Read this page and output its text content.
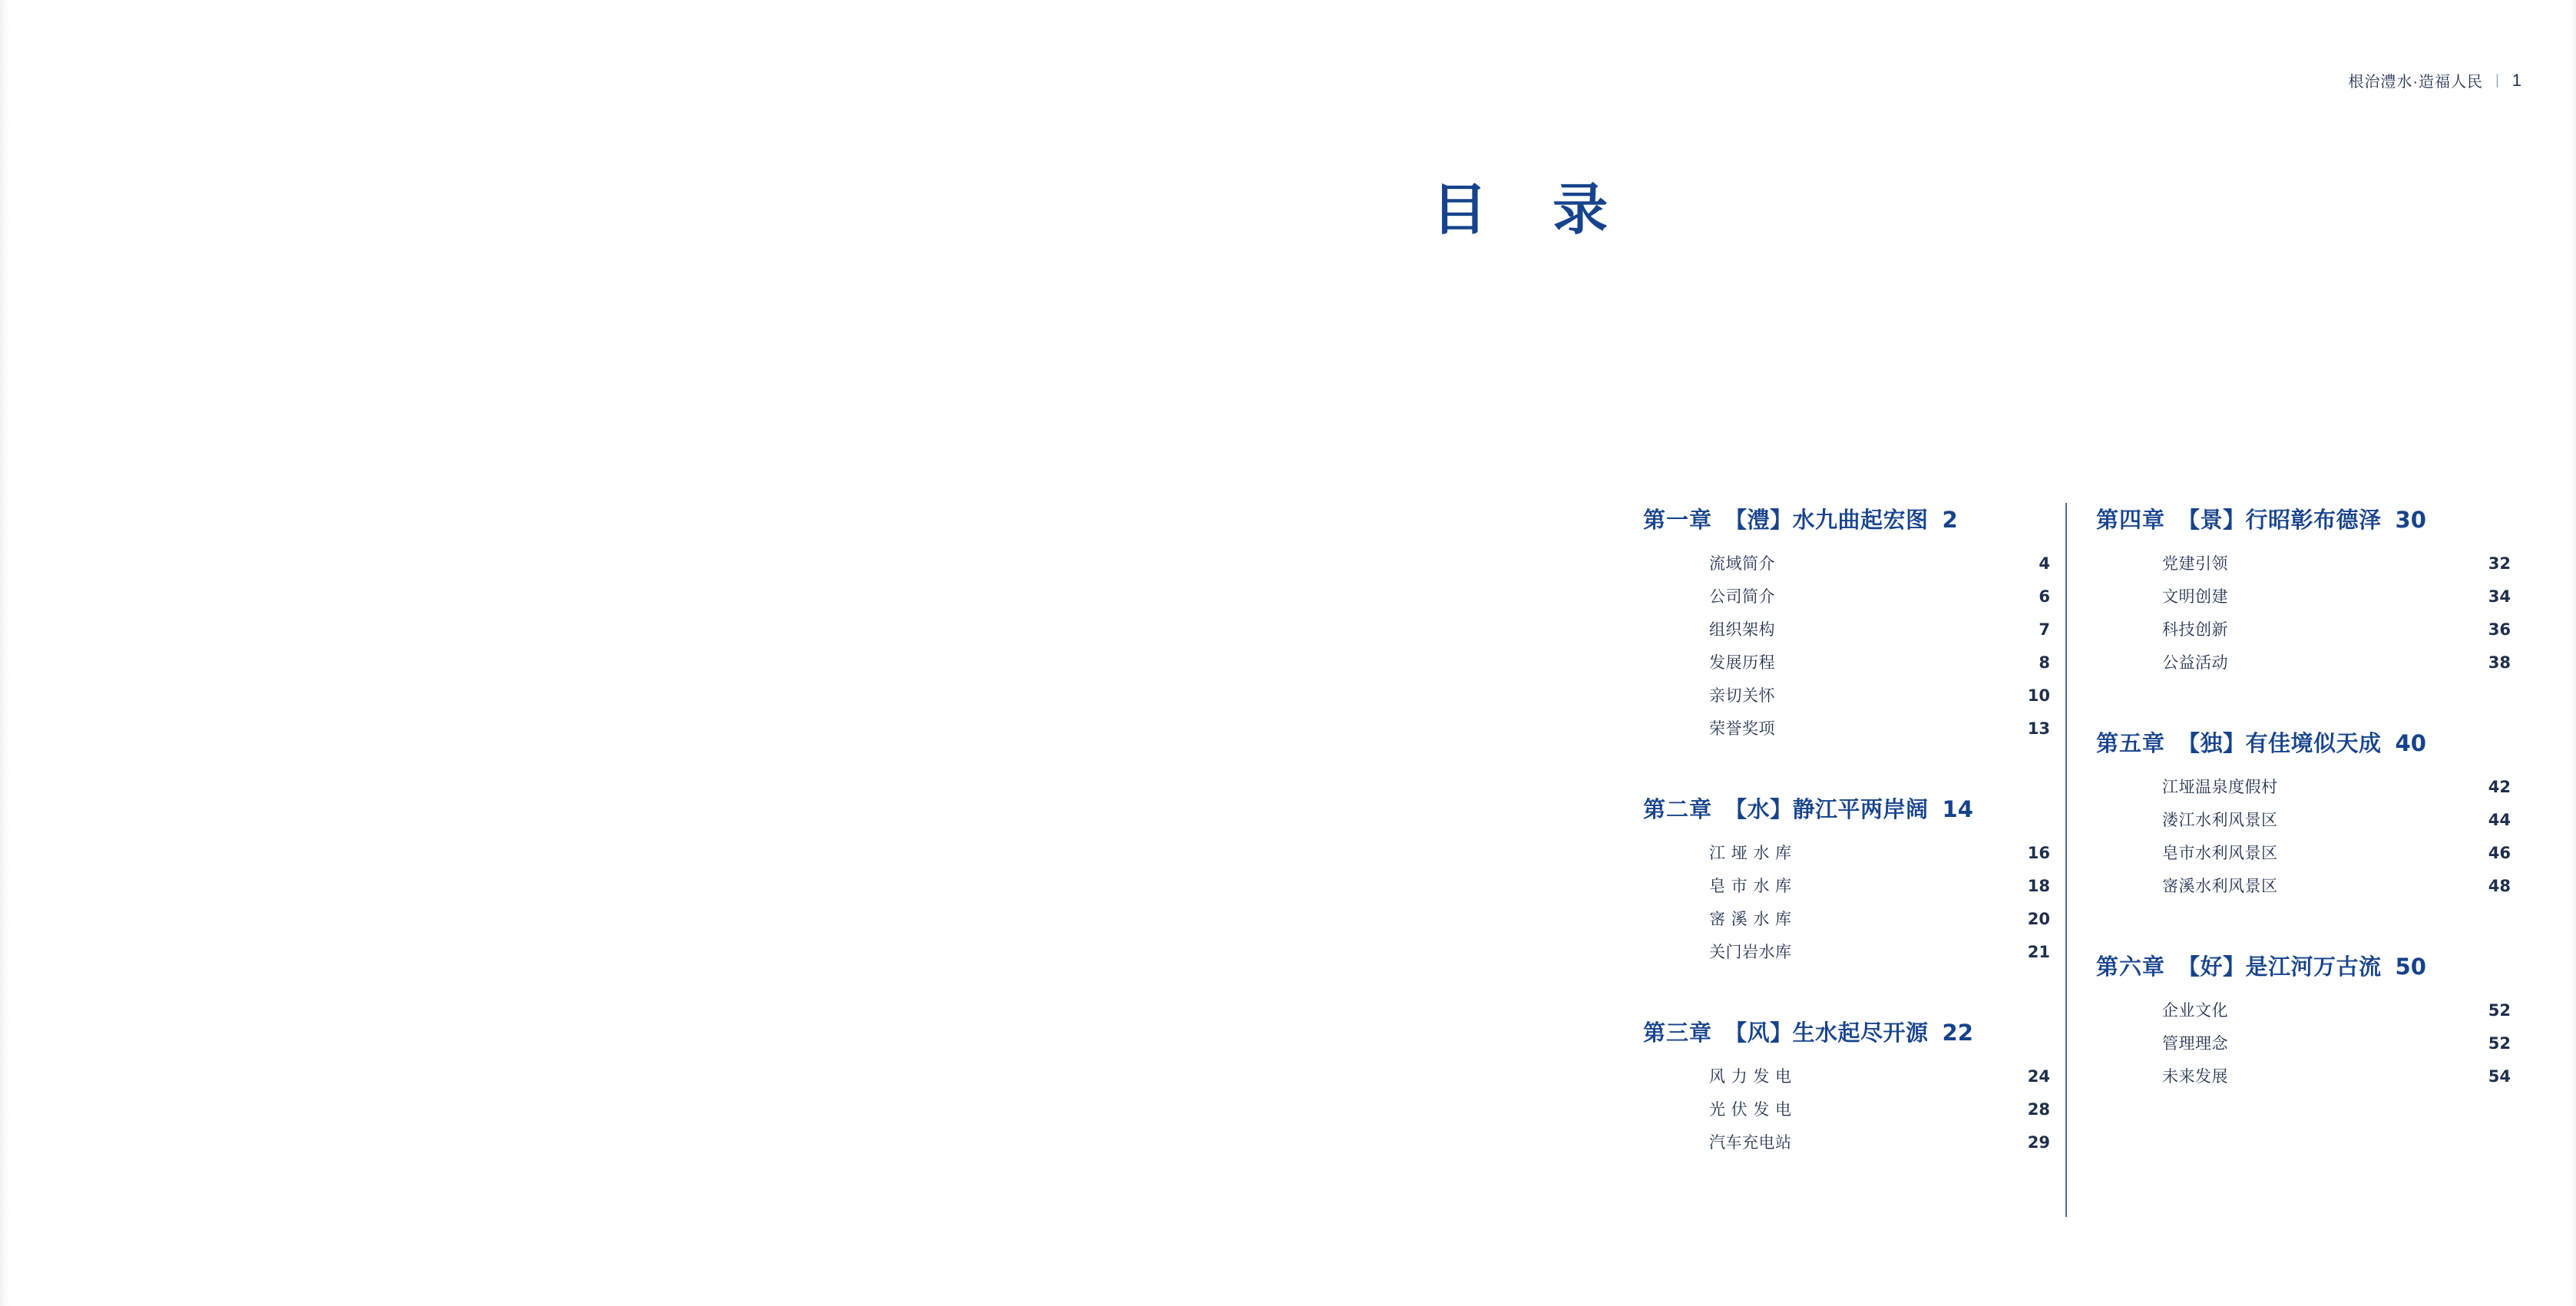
根治澧水·造福人民 | 1
目 录
第一章 【澧】水九曲起宏图 2
流域简介	4
公司简介	6
组织架构	7
发展历程	8
亲切关怀	10
荣誉奖项	13
第二章 【水】静江平两岸阔 14
江 垭 水 库	16
皂 市 水 库	18
宻 溪 水 库	20
关门岩水库	21
第三章 【风】生水起尽开源 22
风 力 发 电	24
光 伏 发 电	28
汽车充电站	29
第四章 【景】行昭彰布德泽 30
党建引领	32
文明创建	34
科技创新	36
公益活动	38
第五章 【独】有佳境似天成 40
江垭温泉度假村	42
溇江水利风景区	44
皂市水利风景区	46
宻溪水利风景区	48
第六章 【好】是江河万古流 50
企业文化	52
管理理念	52
未来发展	54
